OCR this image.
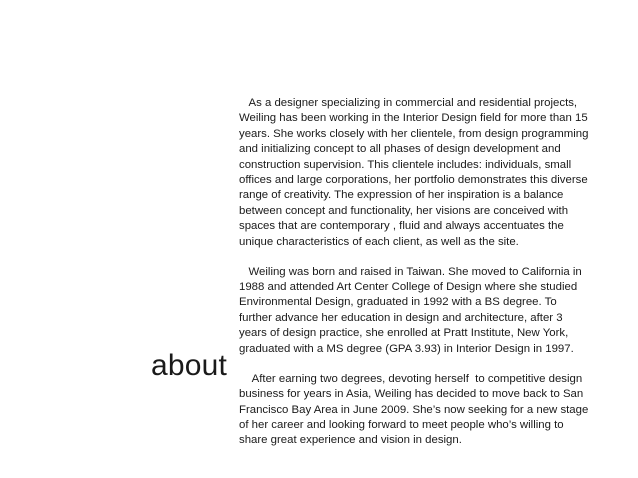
about

As a designer specializing in commercial and residential projects, Weiling has been working in the Interior Design field for more than 15 years. She works closely with her clientele, from design programming and initializing concept to all phases of design development and construction supervision. This clientele includes: individuals, small offices and large corporations, her portfolio demonstrates this diverse range of creativity. The expression of her inspiration is a balance between concept and functionality, her visions are conceived with spaces that are contemporary , fluid and always accentuates the unique characteristics of each client, as well as the site.

Weiling was born and raised in Taiwan. She moved to California in 1988 and attended Art Center College of Design where she studied Environmental Design, graduated in 1992 with a BS degree. To further advance her education in design and architecture, after 3 years of design practice, she enrolled at Pratt Institute, New York, graduated with a MS degree (GPA 3.93) in Interior Design in 1997.

After earning two degrees, devoting herself  to competitive design business for years in Asia, Weiling has decided to move back to San Francisco Bay Area in June 2009. She’s now seeking for a new stage of her career and looking forward to meet people who’s willing to share great experience and vision in design.
